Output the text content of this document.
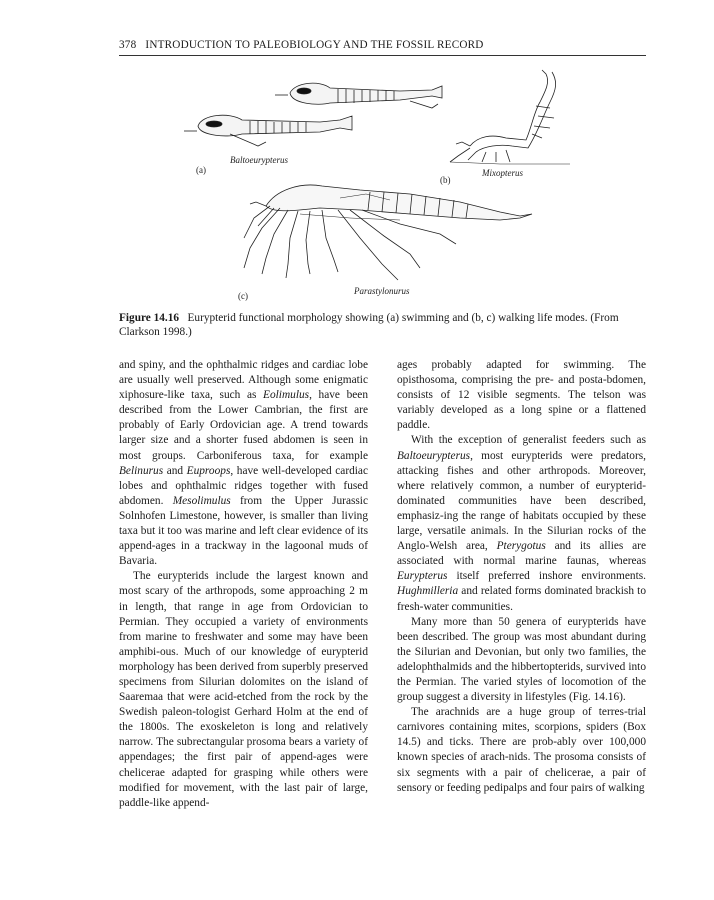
378 INTRODUCTION TO PALEOBIOLOGY AND THE FOSSIL RECORD
Baltoeurypterus
(a)	Mixopterus
(b)
Parastylonurus
(c)
Figure 14.16 Eurypterid functional morphology showing (a) swimming and (b, c) walking life modes. (From Clarkson 1998.)

and spiny, and the ophthalmic ridges and cardiac lobe are usually well preserved. Although some enigmatic xiphosure-like taxa, such as Eolimulus, have been described from the Lower Cambrian, the first are probably of Early Ordovician age. A trend towards larger size and a shorter fused abdomen is seen in most groups. Carboniferous taxa, for example Belinurus and Euproops, have well-developed cardiac lobes and ophthalmic ridges together with fused abdomen. Mesolimulus from the Upper Jurassic Solnhofen Limestone, however, is smaller than living taxa but it too was marine and left clear evidence of its append-ages in a trackway in the lagoonal muds of Bavaria.

The eurypterids include the largest known and most scary of the arthropods, some approaching 2 m in length, that range in age from Ordovician to Permian. They occupied a variety of environments from marine to freshwater and some may have been amphibi-ous. Much of our knowledge of eurypterid morphology has been derived from superbly preserved specimens from Silurian dolomites on the island of Saaremaa that were acid-etched from the rock by the Swedish paleon-tologist Gerhard Holm at the end of the 1800s. The exoskeleton is long and relatively narrow. The subrectangular prosoma bears a variety of appendages; the first pair of append-ages were chelicerae adapted for grasping while others were modified for movement, with the last pair of large, paddle-like append-

ages probably adapted for swimming. The opisthosoma, comprising the pre- and posta-bdomen, consists of 12 visible segments. The telson was variably developed as a long spine or a flattened paddle.

With the exception of generalist feeders such as Baltoeurypterus, most eurypterids were predators, attacking fishes and other arthropods. Moreover, where relatively common, a number of eurypterid-dominated communities have been described, emphasiz-ing the range of habitats occupied by these large, versatile animals. In the Silurian rocks of the Anglo-Welsh area, Pterygotus and its allies are associated with normal marine faunas, whereas Eurypterus itself preferred inshore environments. Hughmilleria and related forms dominated brackish to fresh-water communities.

Many more than 50 genera of eurypterids have been described. The group was most abundant during the Silurian and Devonian, but only two families, the adelophthalmids and the hibbertopterids, survived into the Permian. The varied styles of locomotion of the group suggest a diversity in lifestyles (Fig. 14.16).

The arachnids are a huge group of terres-trial carnivores containing mites, scorpions, spiders (Box 14.5) and ticks. There are prob-ably over 100,000 known species of arach-nids. The prosoma consists of six segments with a pair of chelicerae, a pair of sensory or feeding pedipalps and four pairs of walking
